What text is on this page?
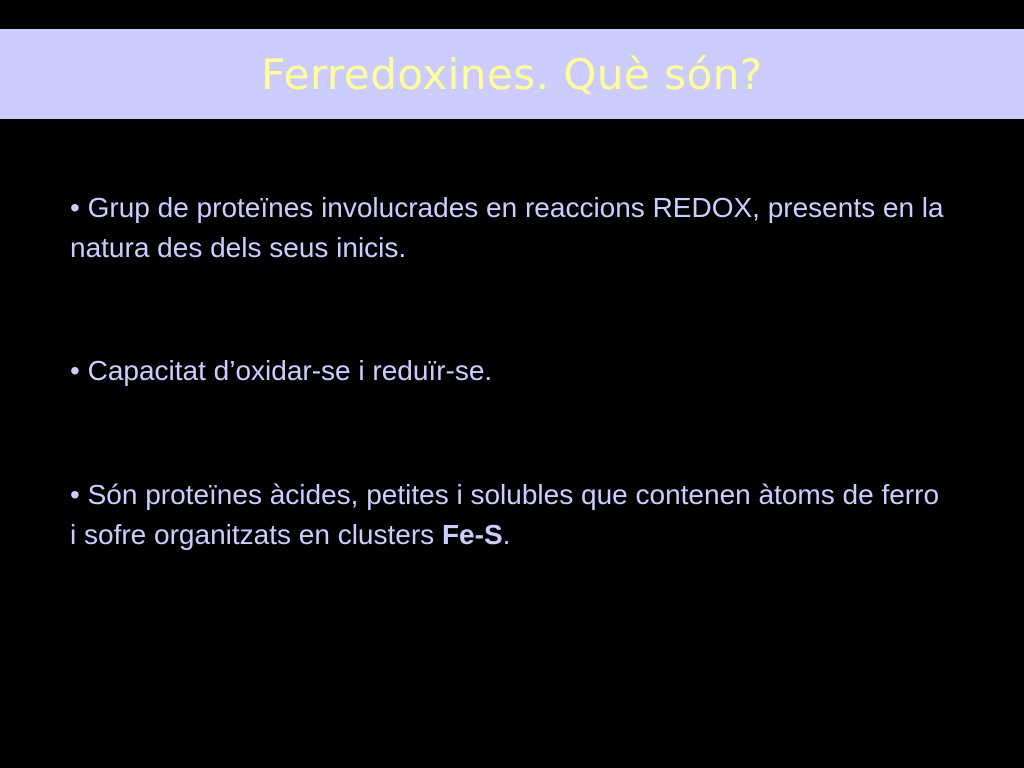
Ferredoxines. Què són?
• Grup de proteïnes involucrades en reaccions REDOX, presents en la natura des dels seus inicis.
• Capacitat d’oxidar-se i reduïr-se.
• Són proteïnes àcides, petites i solubles que contenen àtoms de ferro i sofre organitzats en clusters Fe-S.
